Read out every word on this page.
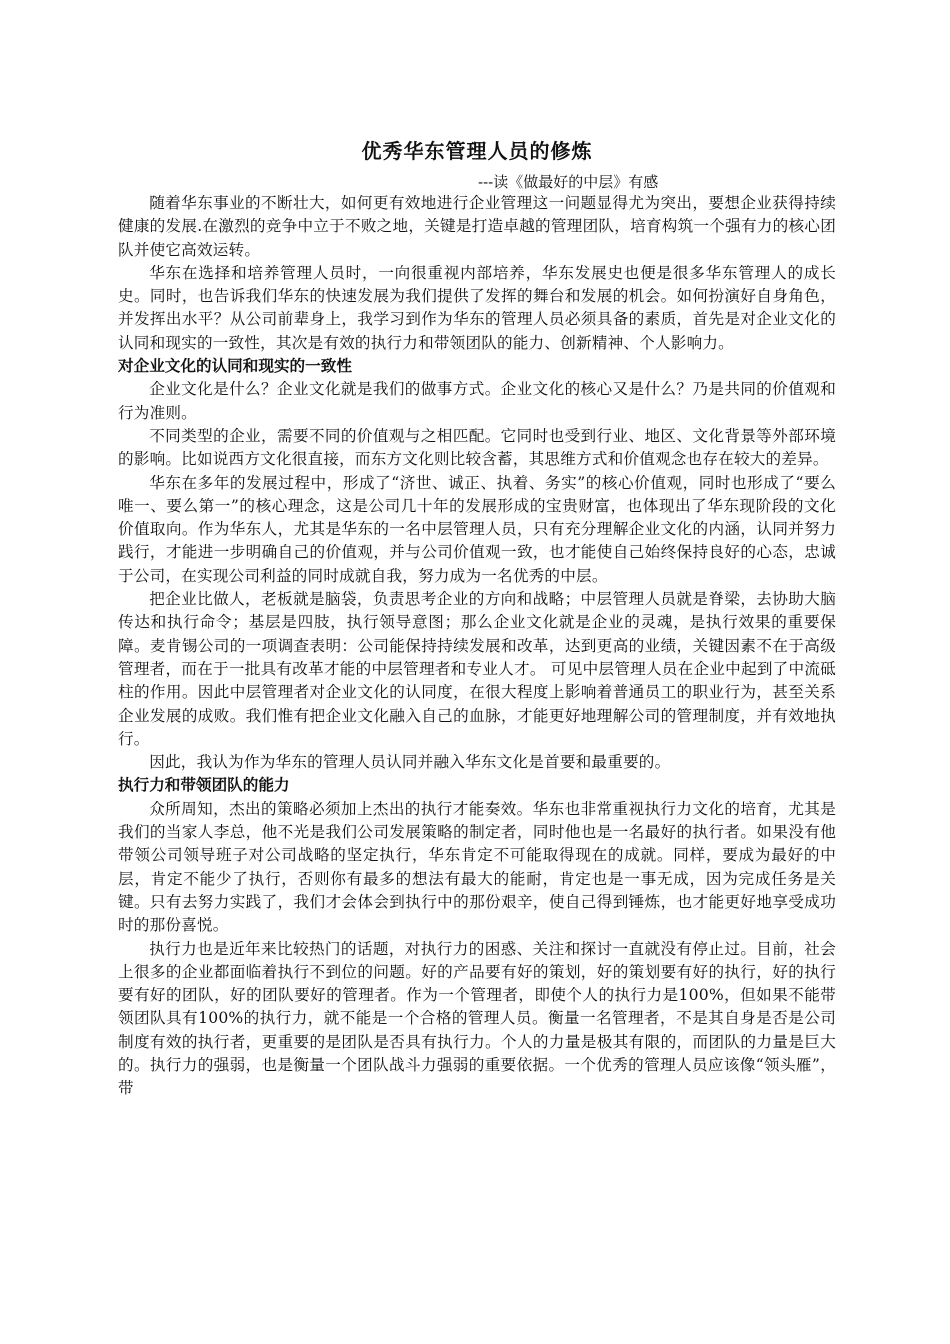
优秀华东管理人员的修炼
---读《做最好的中层》有感

随着华东事业的不断壮大，如何更有效地进行企业管理这一问题显得尤为突出，要想企业获得持续健康的发展.在激烈的竞争中立于不败之地，关键是打造卓越的管理团队，培育构筑一个强有力的核心团队并使它高效运转。

华东在选择和培养管理人员时，一向很重视内部培养，华东发展史也便是很多华东管理人的成长史。同时，也告诉我们华东的快速发展为我们提供了发挥的舞台和发展的机会。如何扮演好自身角色，并发挥出水平？从公司前辈身上，我学习到作为华东的管理人员必须具备的素质，首先是对企业文化的认同和现实的一致性，其次是有效的执行力和带领团队的能力、创新精神、个人影响力。

对企业文化的认同和现实的一致性

企业文化是什么？企业文化就是我们的做事方式。企业文化的核心又是什么？乃是共同的价值观和行为准则。

不同类型的企业，需要不同的价值观与之相匹配。它同时也受到行业、地区、文化背景等外部环境的影响。比如说西方文化很直接，而东方文化则比较含蓄，其思维方式和价值观念也存在较大的差异。

华东在多年的发展过程中，形成了“济世、诚正、执着、务实”的核心价值观，同时也形成了“要么唯一、要么第一”的核心理念，这是公司几十年的发展形成的宝贵财富，也体现出了华东现阶段的文化价值取向。作为华东人，尤其是华东的一名中层管理人员，只有充分理解企业文化的内涵，认同并努力践行，才能进一步明确自己的价值观，并与公司价值观一致，也才能使自己始终保持良好的心态，忠诚于公司，在实现公司利益的同时成就自我，努力成为一名优秀的中层。

把企业比做人，老板就是脑袋，负责思考企业的方向和战略；中层管理人员就是脊梁，去协助大脑传达和执行命令；基层是四肢，执行领导意图；那么企业文化就是企业的灵魂，是执行效果的重要保障。麦肯锡公司的一项调查表明：公司能保持持续发展和改革，达到更高的业绩，关键因素不在于高级管理者，而在于一批具有改革才能的中层管理者和专业人才。 可见中层管理人员在企业中起到了中流砥柱的作用。因此中层管理者对企业文化的认同度，在很大程度上影响着普通员工的职业行为，甚至关系企业发展的成败。我们惟有把企业文化融入自己的血脉，才能更好地理解公司的管理制度，并有效地执行。

因此，我认为作为华东的管理人员认同并融入华东文化是首要和最重要的。

执行力和带领团队的能力

众所周知，杰出的策略必须加上杰出的执行才能奏效。华东也非常重视执行力文化的培育，尤其是我们的当家人李总，他不光是我们公司发展策略的制定者，同时他也是一名最好的执行者。如果没有他带领公司领导班子对公司战略的坚定执行，华东肯定不可能取得现在的成就。同样，要成为最好的中层，肯定不能少了执行，否则你有最多的想法有最大的能耐，肯定也是一事无成，因为完成任务是关键。只有去努力实践了，我们才会体会到执行中的那份艰辛，使自己得到锤炼，也才能更好地享受成功时的那份喜悦。

执行力也是近年来比较热门的话题，对执行力的困惑、关注和探讨一直就没有停止过。目前，社会上很多的企业都面临着执行不到位的问题。好的产品要有好的策划，好的策划要有好的执行，好的执行要有好的团队，好的团队要好的管理者。作为一个管理者，即使个人的执行力是100%，但如果不能带领团队具有100%的执行力，就不能是一个合格的管理人员。衡量一名管理者，不是其自身是否是公司制度有效的执行者，更重要的是团队是否具有执行力。个人的力量是极其有限的，而团队的力量是巨大的。执行力的强弱，也是衡量一个团队战斗力强弱的重要依据。一个优秀的管理人员应该像“领头雁”，带
